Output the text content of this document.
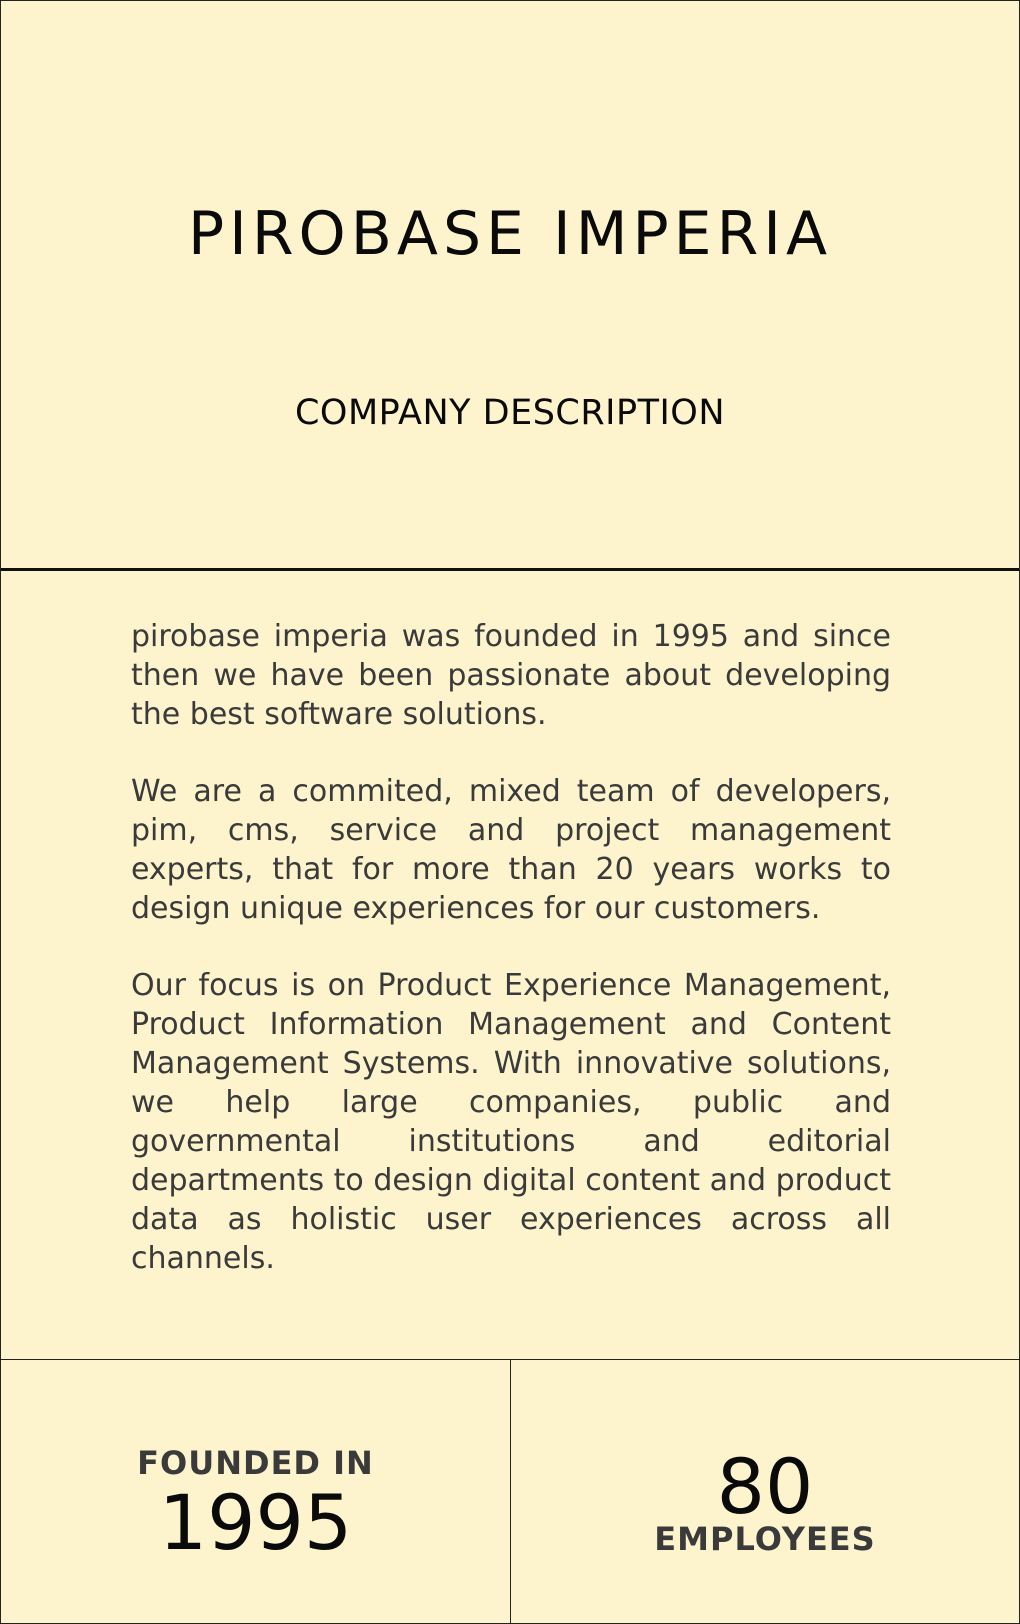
PIROBASE IMPERIA
COMPANY DESCRIPTION

pirobase imperia was founded in 1995 and since then we have been passionate about developing the best software solutions.

We are a commited, mixed team of developers, pim, cms, service and project management experts, that for more than 20 years works to design unique experiences for our customers.

Our focus is on Product Experience Management, Product Information Management and Content Management Systems. With innovative solutions, we help large companies, public and governmental institutions and editorial departments to design digital content and product data as holistic user experiences across all channels.

FOUNDED IN
1995	80
EMPLOYEES
